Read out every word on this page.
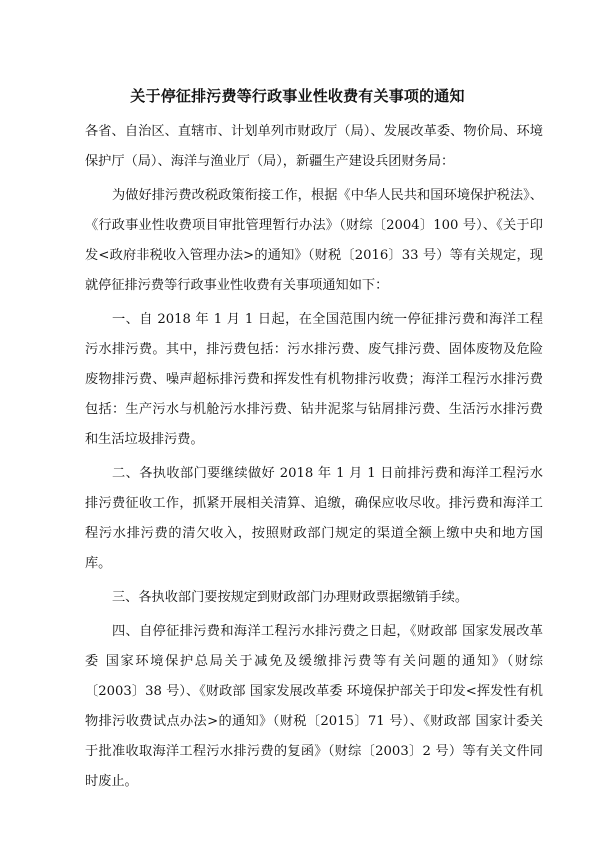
关于停征排污费等行政事业性收费有关事项的通知

各省、自治区、直辖市、计划单列市财政厅（局）、发展改革委、物价局、环境保护厅（局）、海洋与渔业厅（局），新疆生产建设兵团财务局：

为做好排污费改税政策衔接工作，根据《中华人民共和国环境保护税法》、《行政事业性收费项目审批管理暂行办法》（财综〔2004〕100 号）、《关于印发<政府非税收入管理办法>的通知》（财税〔2016〕33 号）等有关规定，现就停征排污费等行政事业性收费有关事项通知如下：

一、自 2018 年 1 月 1 日起，在全国范围内统一停征排污费和海洋工程污水排污费。其中，排污费包括：污水排污费、废气排污费、固体废物及危险废物排污费、噪声超标排污费和挥发性有机物排污收费；海洋工程污水排污费包括：生产污水与机舱污水排污费、钻井泥浆与钻屑排污费、生活污水排污费和生活垃圾排污费。

二、各执收部门要继续做好 2018 年 1 月 1 日前排污费和海洋工程污水排污费征收工作，抓紧开展相关清算、追缴，确保应收尽收。排污费和海洋工程污水排污费的清欠收入，按照财政部门规定的渠道全额上缴中央和地方国库。

三、各执收部门要按规定到财政部门办理财政票据缴销手续。

四、自停征排污费和海洋工程污水排污费之日起，《财政部 国家发展改革委 国家环境保护总局关于减免及缓缴排污费等有关问题的通知》（财综〔2003〕38 号）、《财政部 国家发展改革委 环境保护部关于印发<挥发性有机物排污收费试点办法>的通知》（财税〔2015〕71 号）、《财政部 国家计委关于批准收取海洋工程污水排污费的复函》（财综〔2003〕2 号）等有关文件同时废止。
